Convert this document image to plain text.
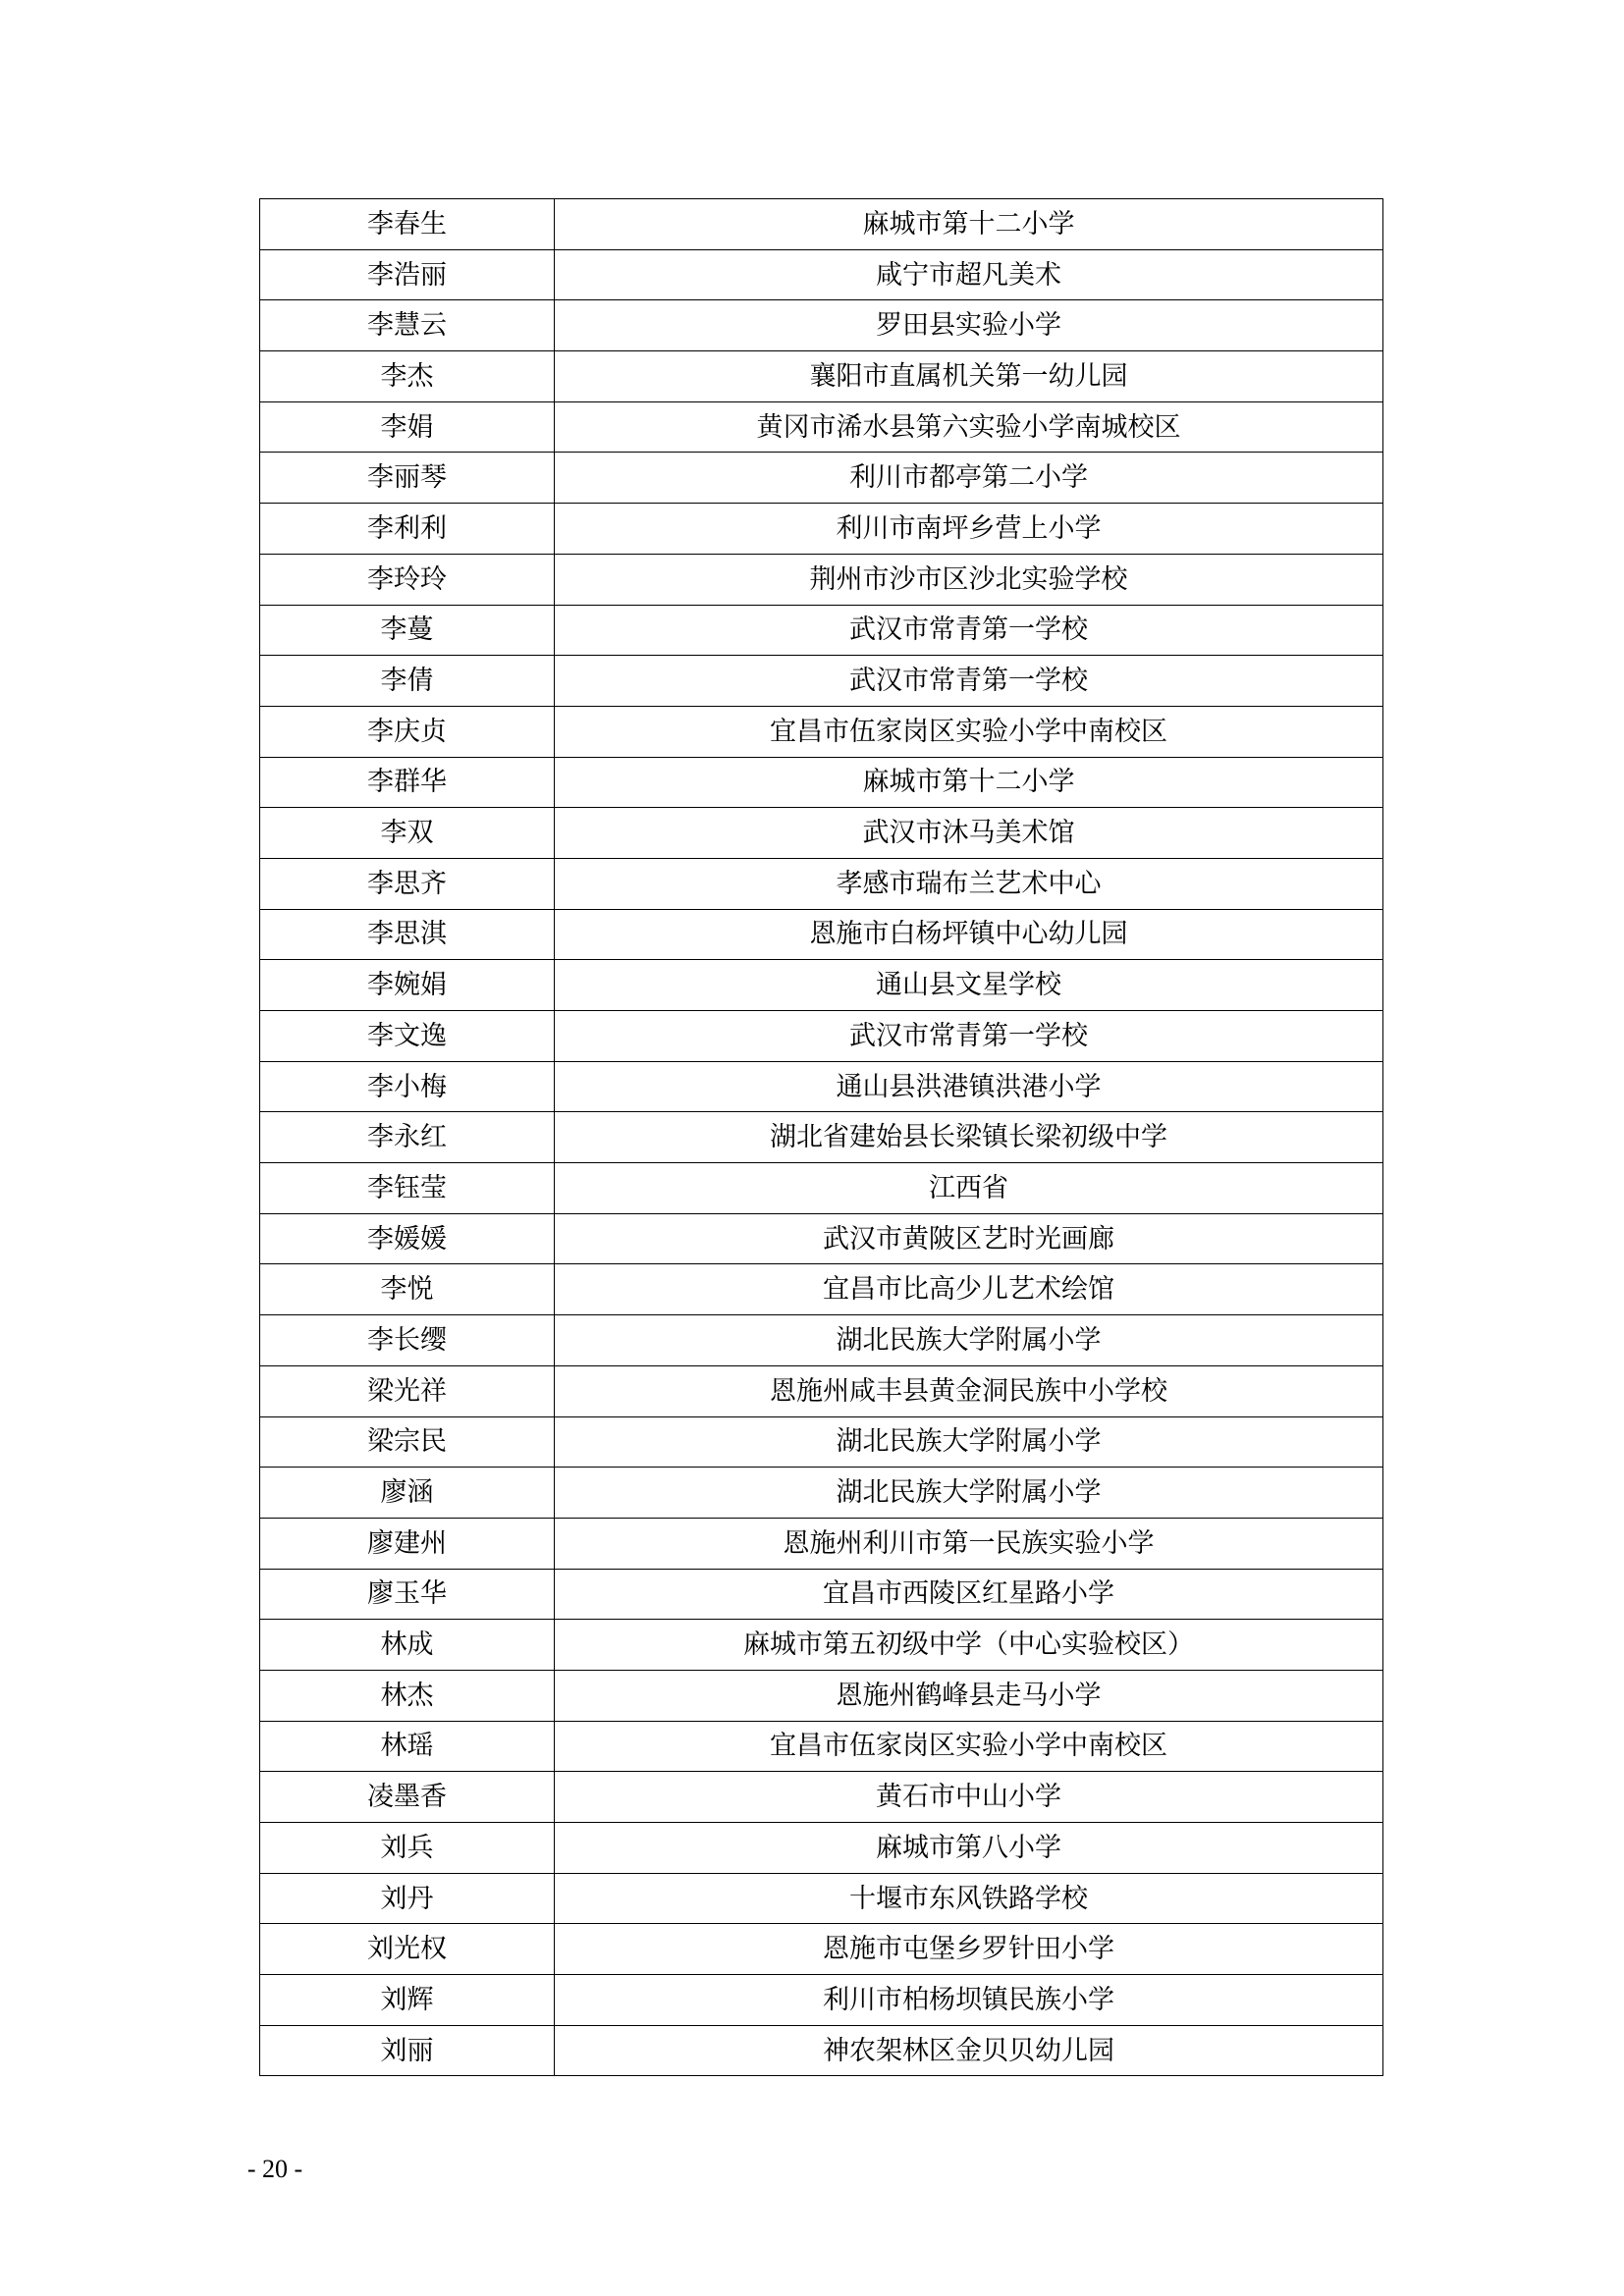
李春生	麻城市第十二小学
李浩丽	咸宁市超凡美术
李慧云	罗田县实验小学
李杰	襄阳市直属机关第一幼儿园
李娟	黄冈市浠水县第六实验小学南城校区
李丽琴	利川市都亭第二小学
李利利	利川市南坪乡营上小学
李玲玲	荆州市沙市区沙北实验学校
李蔓	武汉市常青第一学校
李倩	武汉市常青第一学校
李庆贞	宜昌市伍家岗区实验小学中南校区
李群华	麻城市第十二小学
李双	武汉市沐马美术馆
李思齐	孝感市瑞布兰艺术中心
李思淇	恩施市白杨坪镇中心幼儿园
李婉娟	通山县文星学校
李文逸	武汉市常青第一学校
李小梅	通山县洪港镇洪港小学
李永红	湖北省建始县长梁镇长梁初级中学
李钰莹	江西省
李媛媛	武汉市黄陂区艺时光画廊
李悦	宜昌市比高少儿艺术绘馆
李长缨	湖北民族大学附属小学
梁光祥	恩施州咸丰县黄金洞民族中小学校
梁宗民	湖北民族大学附属小学
廖涵	湖北民族大学附属小学
廖建州	恩施州利川市第一民族实验小学
廖玉华	宜昌市西陵区红星路小学
林成	麻城市第五初级中学（中心实验校区）
林杰	恩施州鹤峰县走马小学
林瑶	宜昌市伍家岗区实验小学中南校区
凌墨香	黄石市中山小学
刘兵	麻城市第八小学
刘丹	十堰市东风铁路学校
刘光权	恩施市屯堡乡罗针田小学
刘辉	利川市柏杨坝镇民族小学
刘丽	神农架林区金贝贝幼儿园
- 20 -
